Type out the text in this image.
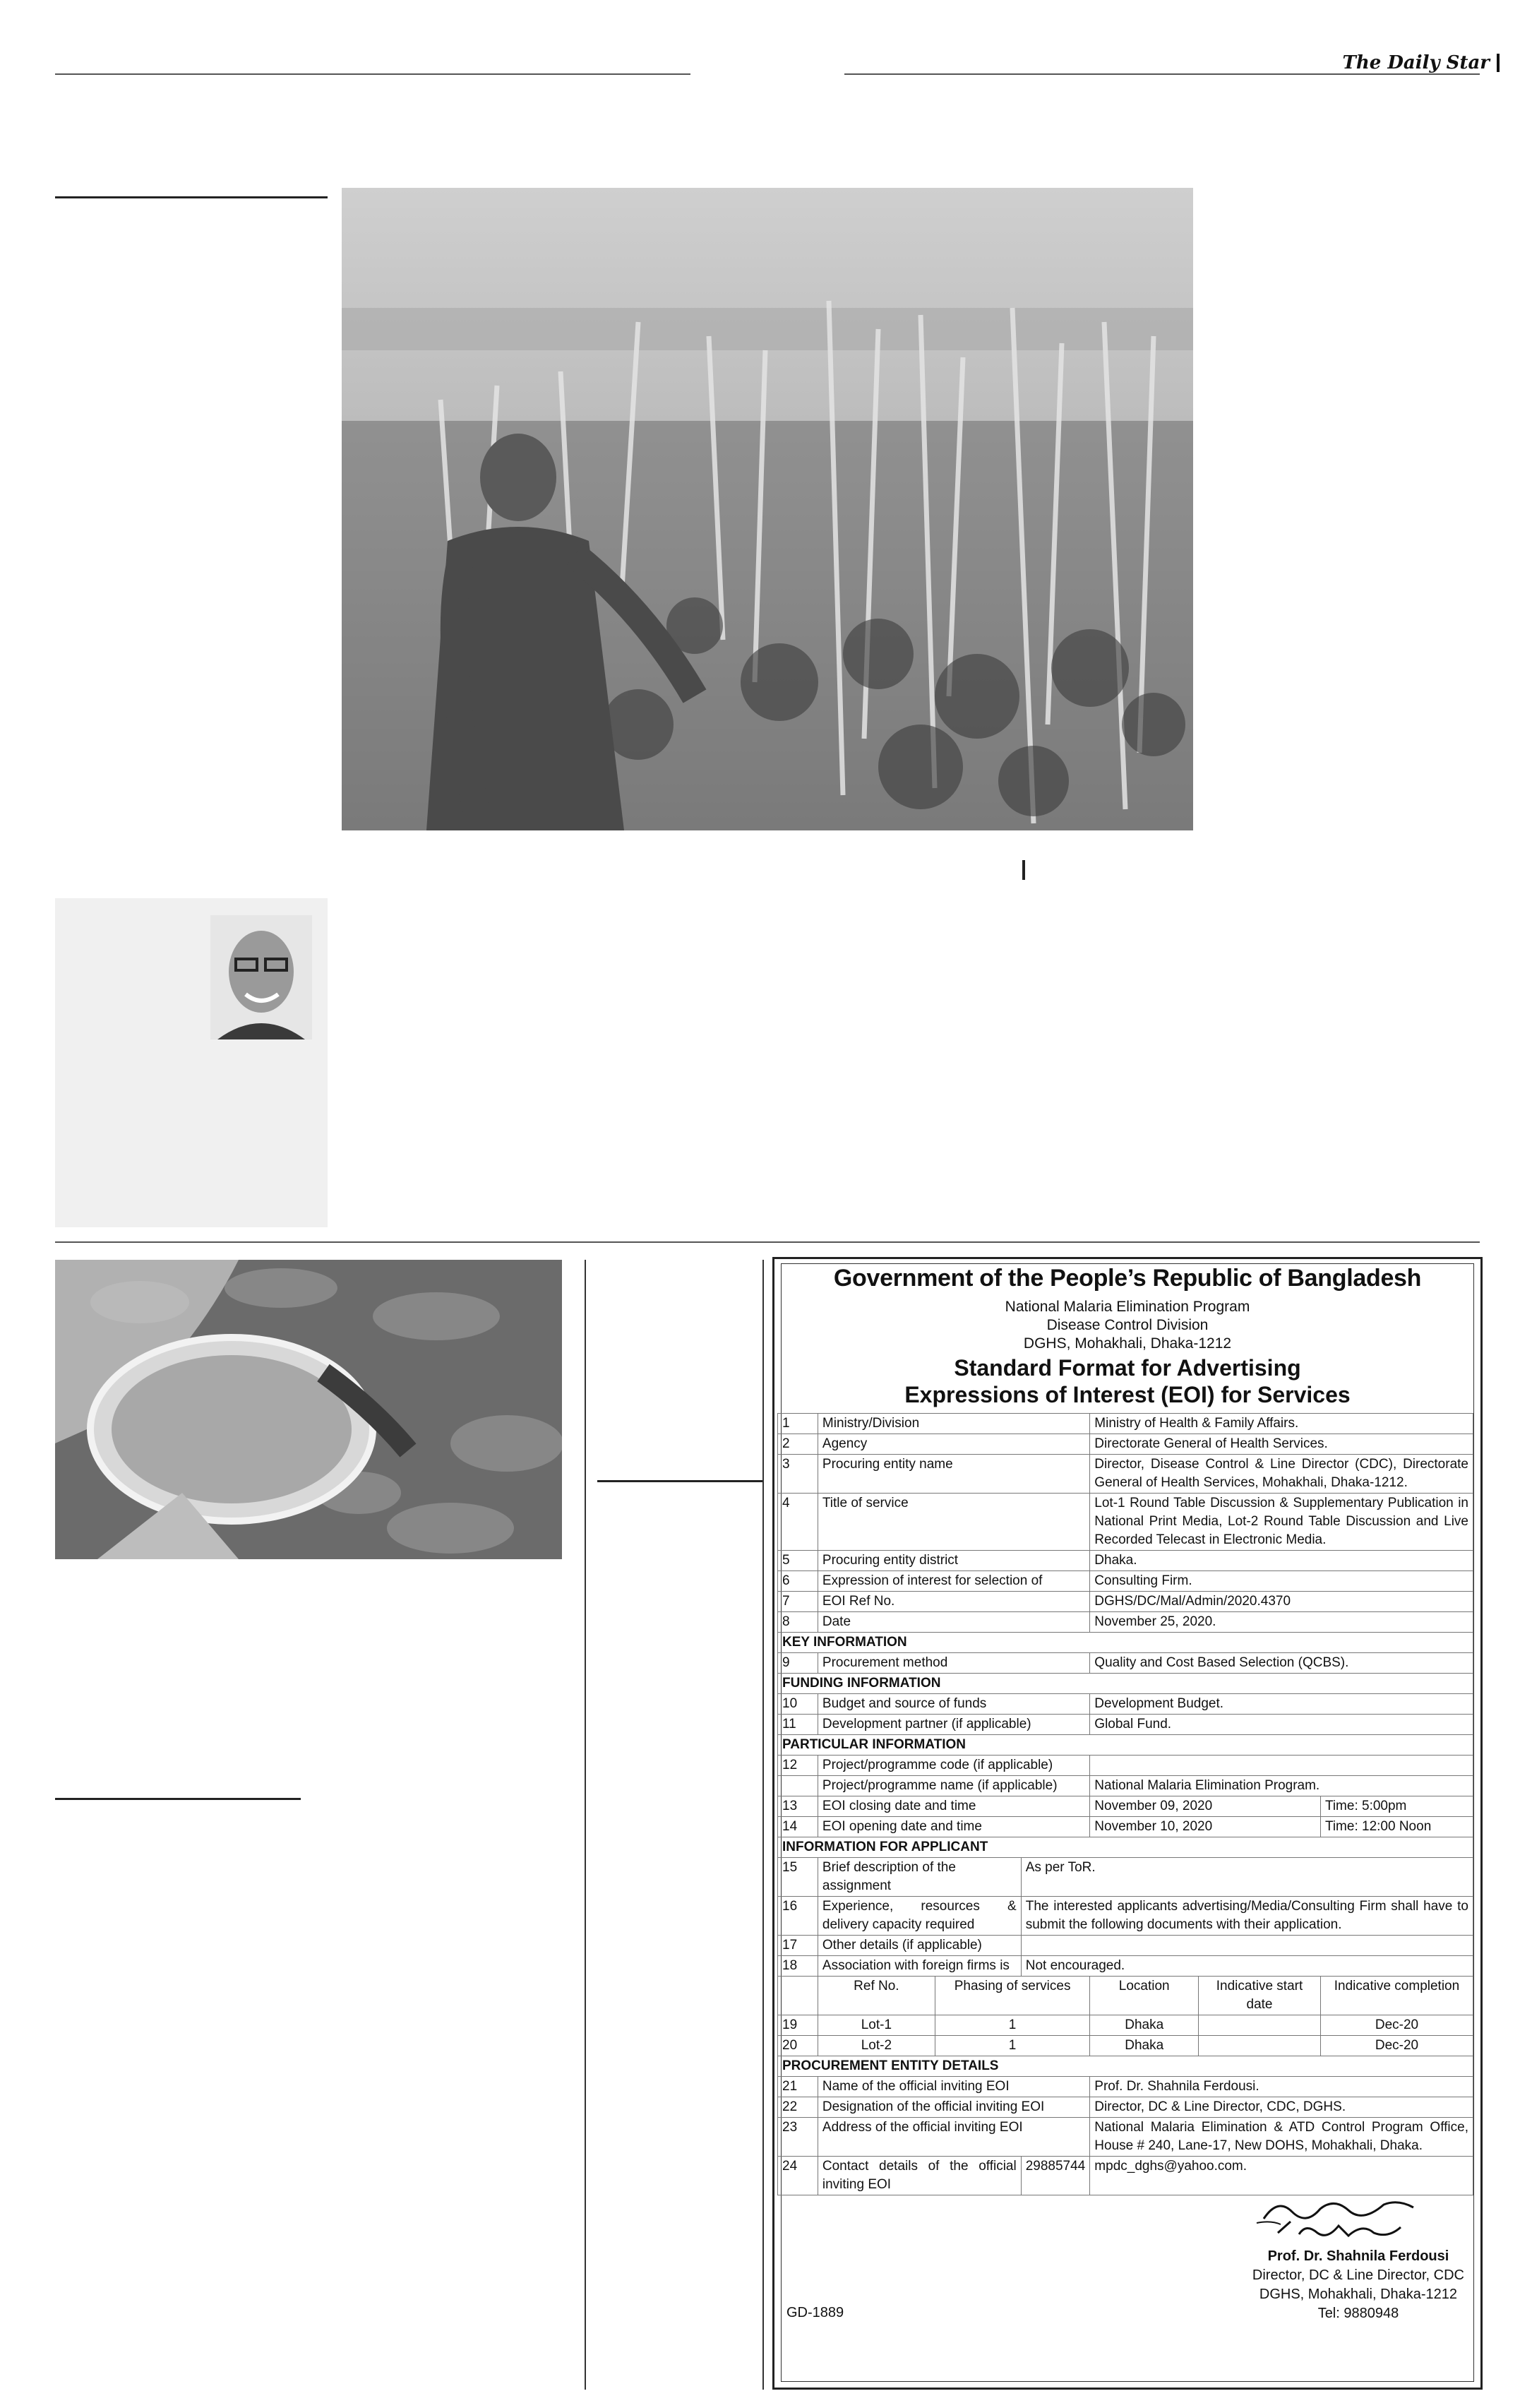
The Daily Star
Government of the People’s Republic of Bangladesh
National Malaria Elimination Program
Disease Control Division
DGHS, Mohakhali, Dhaka-1212
Standard Format for Advertising
Expressions of Interest (EOI) for Services
1	Ministry/Division			Ministry of Health & Family Affairs.		
2	Agency			Directorate General of Health Services.		
3	Procuring entity name			Director, Disease Control & Line Director (CDC), Directorate General of Health Services, Mohakhali, Dhaka-1212.		
4	Title of service			Lot-1 Round Table Discussion & Supplementary Publication in National Print Media, Lot-2 Round Table Discussion and Live Recorded Telecast in Electronic Media.		
5	Procuring entity district			Dhaka.		
6	Expression of interest for selection of			Consulting Firm.		
7	EOI Ref No.			DGHS/DC/Mal/Admin/2020.4370		
8	Date			November 25, 2020.		
KEY INFORMATION						
9	Procurement method			Quality and Cost Based Selection (QCBS).		
FUNDING INFORMATION						
10	Budget and source of funds			Development Budget.		
11	Development partner (if applicable)			Global Fund.		
PARTICULAR INFORMATION						
12	Project/programme code (if applicable)					
	Project/programme name (if applicable)			National Malaria Elimination Program.		
13	EOI closing date and time			November 09, 2020		Time: 5:00pm
14	EOI opening date and time			November 10, 2020		Time: 12:00 Noon
INFORMATION FOR APPLICANT						
15	Brief description of the assignment		As per ToR.			
16	Experience, resources & delivery capacity required		The interested applicants advertising/Media/Consulting Firm shall have to submit the following documents with their application.			
17	Other details (if applicable)					
18	Association with foreign firms is		Not encouraged.			
	Ref No.	Phasing of services		Location	Indicative start date	Indicative completion
19	Lot-1	1		Dhaka		Dec-20
20	Lot-2	1		Dhaka		Dec-20
PROCUREMENT ENTITY DETAILS						
21	Name of the official inviting EOI			Prof. Dr. Shahnila Ferdousi.		
22	Designation of the official inviting EOI			Director, DC & Line Director, CDC, DGHS.		
23	Address of the official inviting EOI			National Malaria Elimination & ATD Control Program Office, House # 240, Lane-17, New DOHS, Mohakhali, Dhaka.		
24	Contact details of the official inviting EOI		29885744	mpdc_dghs@yahoo.com.		
Prof. Dr. Shahnila Ferdousi
Director, DC & Line Director, CDC
DGHS, Mohakhali, Dhaka-1212
Tel: 9880948
GD-1889
